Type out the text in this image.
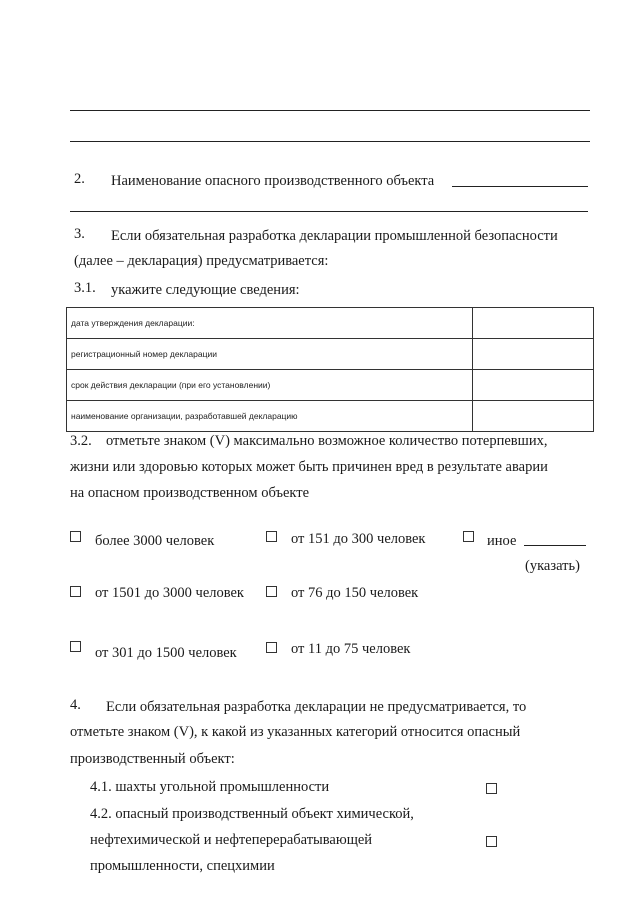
2. Наименование опасного производственного объекта
3. Если обязательная разработка декларации промышленной безопасности
(далее – декларация) предусматривается:
3.1. укажите следующие сведения:
дата утверждения декларации:	
регистрационный номер декларации	
срок действия декларации (при его установлении)	
наименование организации, разработавшей декларацию	
3.2. отметьте знаком (V) максимально возможное количество потерпевших,
жизни или здоровью которых может быть причинен вред в результате аварии
на опасном производственном объекте
более 3000 человек	от 151 до 300 человек	иное
(указать)
от 1501 до 3000 человек	от 76 до 150 человек
от 301 до 1500 человек	от 11 до 75 человек
4. Если обязательная разработка декларации не предусматривается, то
отметьте знаком (V), к какой из указанных категорий относится опасный
производственный объект:
4.1. шахты угольной промышленности
4.2. опасный производственный объект химической,
нефтехимической и нефтеперерабатывающей
промышленности, спецхимии
